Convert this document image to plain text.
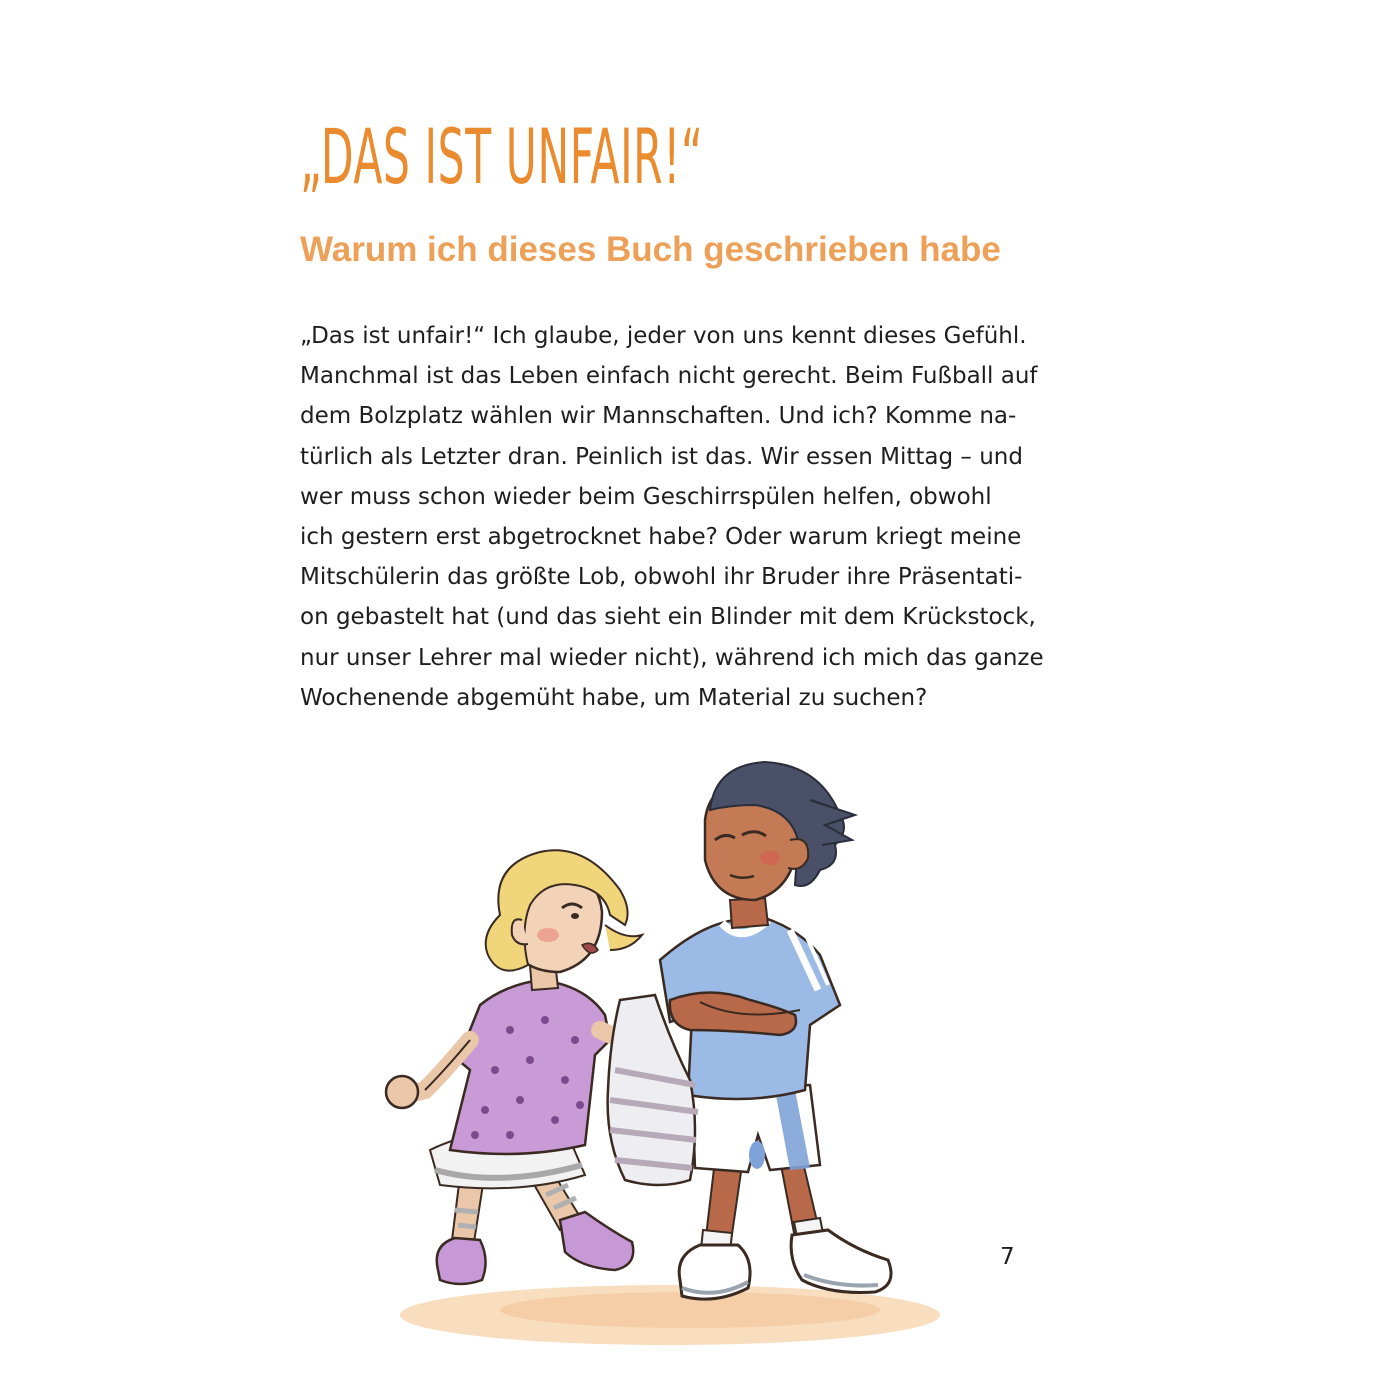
„DAS IST UNFAIR!“
Warum ich dieses Buch geschrieben habe

„Das ist unfair!“ Ich glaube, jeder von uns kennt dieses Gefühl.
Manchmal ist das Leben einfach nicht gerecht. Beim Fußball auf
dem Bolzplatz wählen wir Mannschaften. Und ich? Komme na-
türlich als Letzter dran. Peinlich ist das. Wir essen Mittag – und
wer muss schon wieder beim Geschirrspülen helfen, obwohl
ich gestern erst abgetrocknet habe? Oder warum kriegt meine
Mitschülerin das größte Lob, obwohl ihr Bruder ihre Präsentati-
on gebastelt hat (und das sieht ein Blinder mit dem Krückstock,
nur unser Lehrer mal wieder nicht), während ich mich das ganze
Wochenende abgemüht habe, um Material zu suchen?

7
